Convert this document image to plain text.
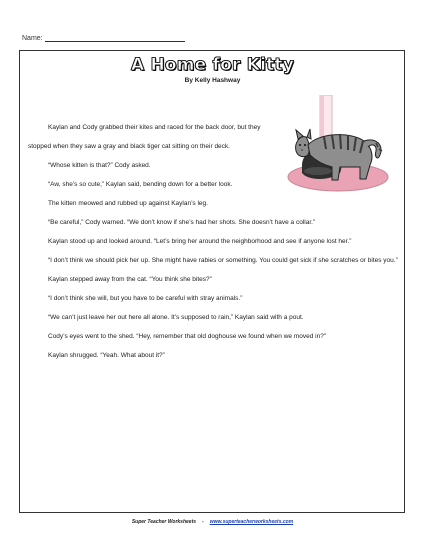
Name:
A Home for Kitty
By Kelly Hashway

Kaylan and Cody grabbed their kites and raced for the back door, but they stopped when they saw a gray and black tiger cat sitting on their deck.

“Whose kitten is that?” Cody asked.

“Aw, she’s so cute,” Kaylan said, bending down for a better look.

The kitten meowed and rubbed up against Kaylan’s leg.

“Be careful,” Cody warned. “We don’t know if she’s had her shots. She doesn’t have a collar.”

Kaylan stood up and looked around. “Let’s bring her around the neighborhood and see if anyone lost her.”

“I don’t think we should pick her up. She might have rabies or something. You could get sick if she scratches or bites you.”

Kaylan stepped away from the cat. “You think she bites?”

“I don’t think she will, but you have to be careful with stray animals.”

“We can’t just leave her out here all alone. It’s supposed to rain,” Kaylan said with a pout.

Cody’s eyes went to the shed. “Hey, remember that old doghouse we found when we moved in?”

Kaylan shrugged. “Yeah. What about it?”

Super Teacher Worksheets - www.superteacherworksheets.com
